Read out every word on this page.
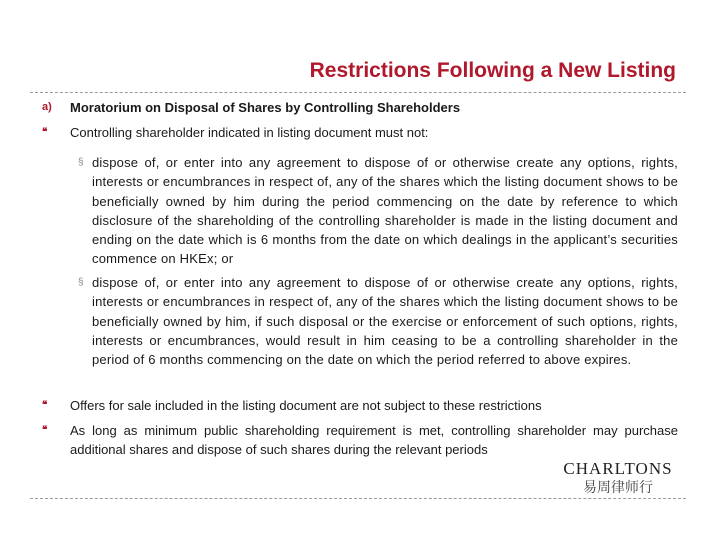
Restrictions Following a New Listing
a) Moratorium on Disposal of Shares by Controlling Shareholders
❝ Controlling shareholder indicated in listing document must not:
§ dispose of, or enter into any agreement to dispose of or otherwise create any options, rights, interests or encumbrances in respect of, any of the shares which the listing document shows to be beneficially owned by him during the period commencing on the date by reference to which disclosure of the shareholding of the controlling shareholder is made in the listing document and ending on the date which is 6 months from the date on which dealings in the applicant’s securities commence on HKEx; or
§ dispose of, or enter into any agreement to dispose of or otherwise create any options, rights, interests or encumbrances in respect of, any of the shares which the listing document shows to be beneficially owned by him, if such disposal or the exercise or enforcement of such options, rights, interests or encumbrances, would result in him ceasing to be a controlling shareholder in the period of 6 months commencing on the date on which the period referred to above expires.
❝ Offers for sale included in the listing document are not subject to these restrictions
❝ As long as minimum public shareholding requirement is met, controlling shareholder may purchase additional shares and dispose of such shares during the relevant periods
CHARLTONS
易周律师行
